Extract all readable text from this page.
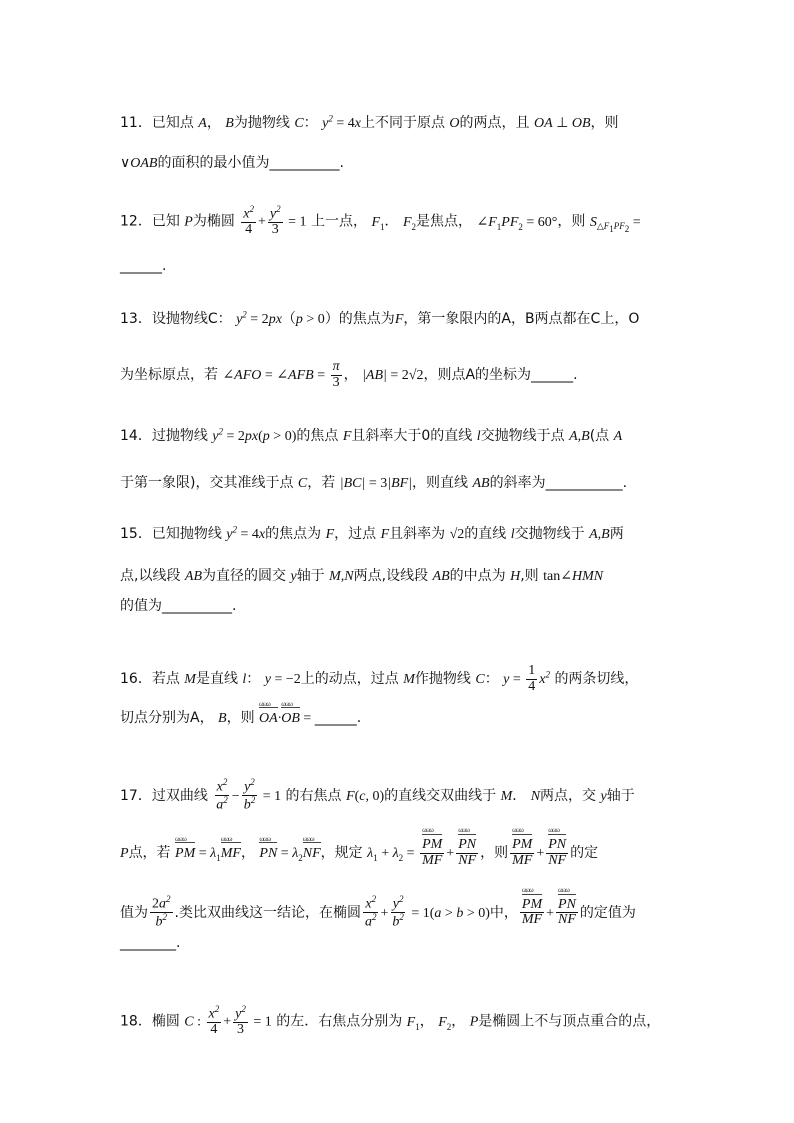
11．已知点 A， B为抛物线 C： $y^2 = 4x$上不同于原点 O的两点，且 OA ⊥ OB，则
∨OAB的面积的最小值为__________.
12．已知 P为椭圆 $\frac{x^2}{4} + \frac{y^2}{3} = 1$ 上一点， $F_1$． $F_2$是焦点， $\angle F_1PF_2 = 60^\circ$，则 $S_{\triangle F_1PF_2}$ =
______.
13．设抛物线C： $y^2 = 2px(p > 0)$的焦点为F，第一象限内的A，B两点都在C上，O
为坐标原点，若 ∠AFO = ∠AFB = $\frac{\pi}{3}$ ， |AB| = 2√2，则点A的坐标为______.
14．过抛物线 $y^2 = 2px(p > 0)$的焦点 F且斜率大于0的直线 l交抛物线于点 A,B(点 A
于第一象限)，交其准线于点 C，若 |BC| = 3|BF|，则直线 AB的斜率为___________.
15．已知抛物线 $y^2 = 4x$的焦点为 F，过点 F且斜率为 √2的直线 l交抛物线于 A,B两
点,以线段 AB为直径的圆交 y轴于 M,N两点,设线段 AB的中点为 H,则 tan∠HMN
的值为__________.
16．若点 M是直线 l： y = −2上的动点，过点 M作抛物线 C： $y = \frac{1}{4} x^2$ 的两条切线，
切点分别为A， B，则 OA ωωω·OB ωωω = ______.
17．过双曲线 $\frac{x^2}{a^2} - \frac{y^2}{b^2} = 1$ 的右焦点 F(c, 0)的直线交双曲线于 M． N两点，交 y轴于
P点，若 PM $\omega\omega\omega = \lambda_1MF$ ωωω， PN $\omega\omega\omega = \lambda_2NF$ ωωω，规定 $\lambda_1 + \lambda_2 = \frac{\text{PM ωωω}}{MF} + \frac{\text{PN ωωω}}{NF}$ ，则 $\frac{\text{PM ωωω}}{MF} + \frac{\text{PN ωωω}}{NF}$ 的定
值为 $\frac{2a^2}{b^2}$ .类比双曲线这一结论，在椭圆 $\frac{x^2}{a^2} + \frac{y^2}{b^2} = 1(a > b > 0)$中， $\frac{\text{PM ωωω}}{MF} + \frac{\text{PN ωωω}}{NF}$ 的定值为
________.
18．椭圆 C : $\frac{x^2}{4} + \frac{y^2}{3} = 1$ 的左．右焦点分别为 $F_1$， $F_2$， P是椭圆上不与顶点重合的点，
